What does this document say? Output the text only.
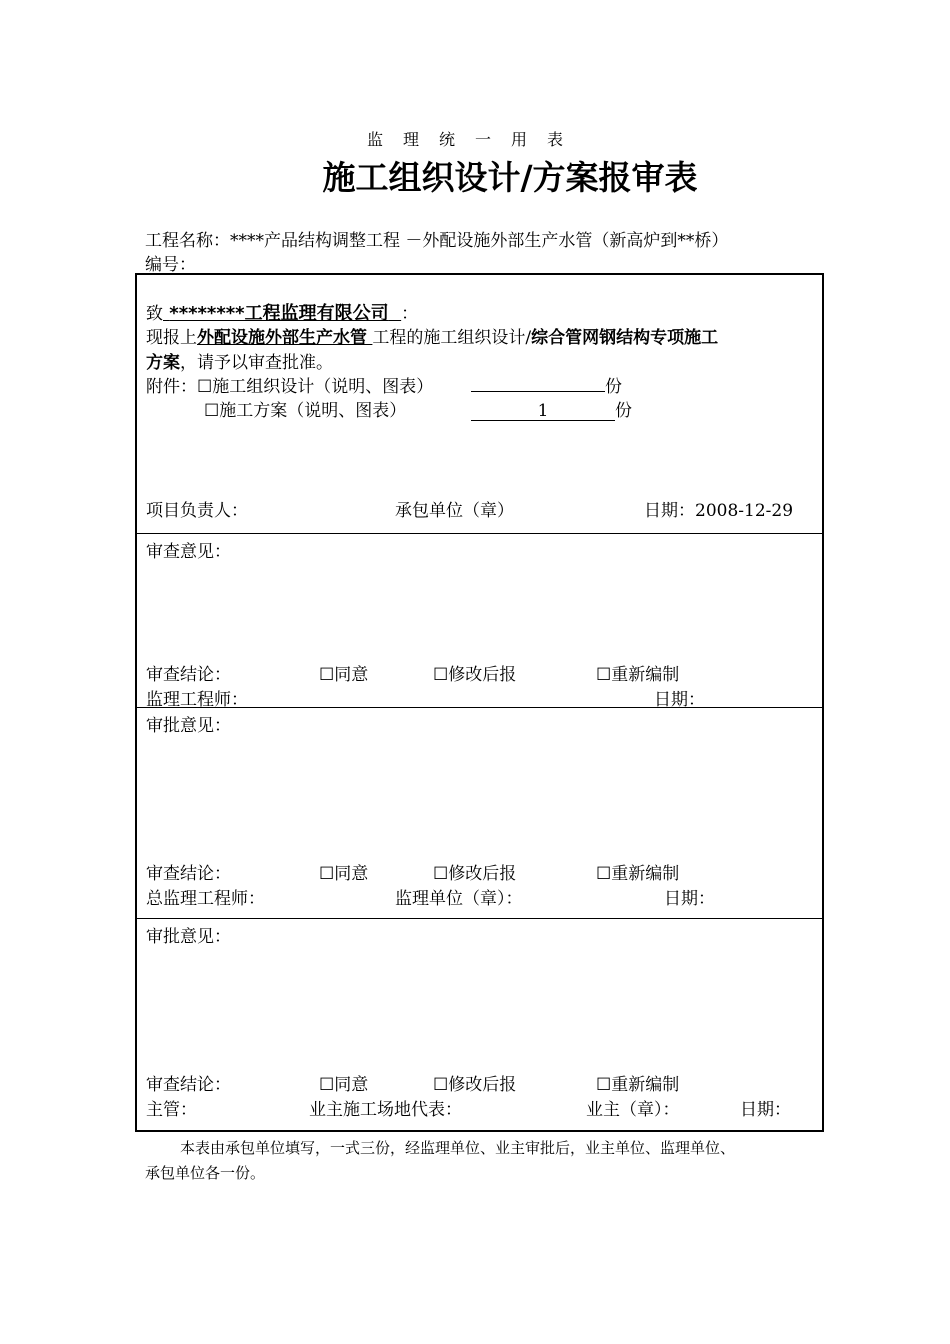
监理统一用表
施工组织设计/方案报审表
工程名称：****产品结构调整工程 －外配设施外部生产水管（新高炉到**桥）
编号：
致 ********工程监理有限公司 ：
现报上外配设施外部生产水管 工程的施工组织设计/综合管网钢结构专项施工
方案，请予以审查批准。
附件：☐施工组织设计（说明、图表）	份
☐施工方案（说明、图表）	1	份
项目负责人：	承包单位（章）	日期：2008-12-29
审查意见：
审查结论：	☐同意	☐修改后报	☐重新编制
监理工程师：	日期：
审批意见：
审查结论：	☐同意	☐修改后报	☐重新编制
总监理工程师：	监理单位（章）：	日期：
审批意见：
审查结论：	☐同意	☐修改后报	☐重新编制
主管：	业主施工场地代表：	业主（章）：	日期：
本表由承包单位填写，一式三份，经监理单位、业主审批后，业主单位、监理单位、
承包单位各一份。
